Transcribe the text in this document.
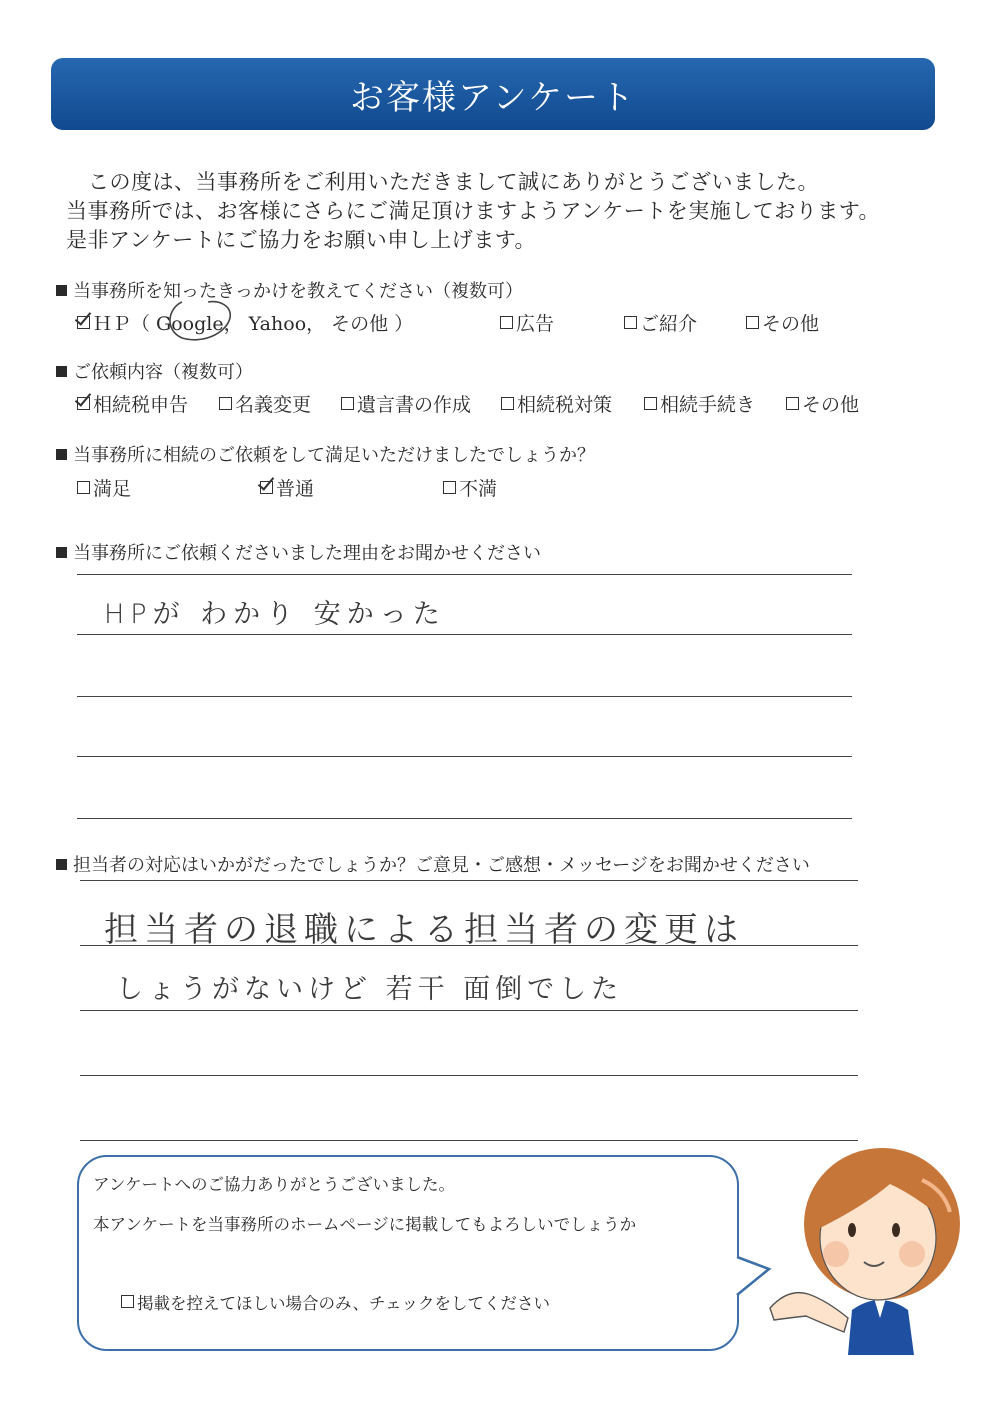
お客様アンケート

この度は、当事務所をご利用いただきまして誠にありがとうございました。

当事務所では、お客様にさらにご満足頂けますようアンケートを実施しております。

是非アンケートにご協力をお願い申し上げます。

当事務所を知ったきっかけを教えてください（複数可）
ＨＰ（ Google， Yahoo， その他 ）	広告	ご紹介	その他
ご依頼内容（複数可）
相続税申告	名義変更	遺言書の作成	相続税対策	相続手続き	その他
当事務所に相続のご依頼をして満足いただけましたでしょうか？
満足	普通	不満
当事務所にご依頼くださいました理由をお聞かせください
HPが わかり 安かった
担当者の対応はいかがだったでしょうか？ご意見・ご感想・メッセージをお聞かせください
担当者の退職による担当者の変更は
しょうがないけど 若干 面倒でした
アンケートへのご協力ありがとうございました。
本アンケートを当事務所のホームページに掲載してもよろしいでしょうか
掲載を控えてほしい場合のみ、チェックをしてください
